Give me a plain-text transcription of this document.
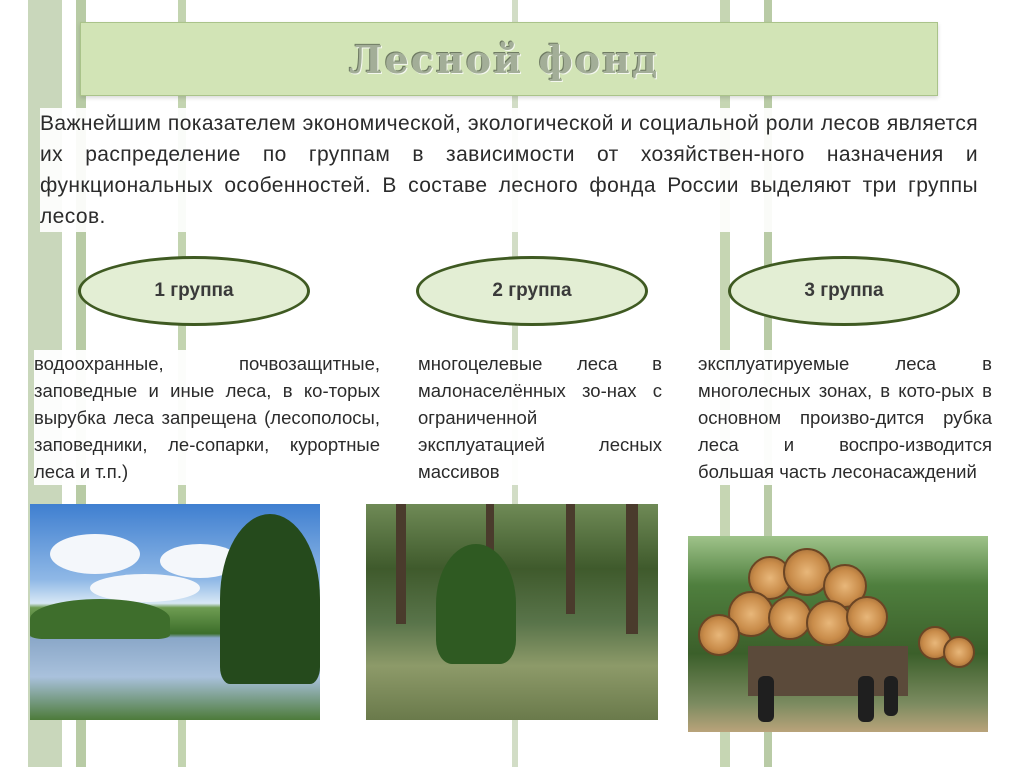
Лесной фонд
Важнейшим показателем экономической, экологической и социальной роли лесов является их распределение по группам в зависимости от хозяйствен-ного назначения и функциональных особенностей. В составе лесного фонда России выделяют три группы лесов.
1 группа	2 группа	3 группа
водоохранные, почвозащитные, заповедные и иные леса, в ко-торых вырубка леса запрещена (лесополосы, заповедники, ле-сопарки, курортные леса и т.п.)
многоцелевые леса в малонаселённых зо-нах с ограниченной эксплуатацией лесных массивов
эксплуатируемые леса в многолесных зонах, в кото-рых в основном произво-дится рубка леса и воспро-изводится большая часть лесонасаждений
